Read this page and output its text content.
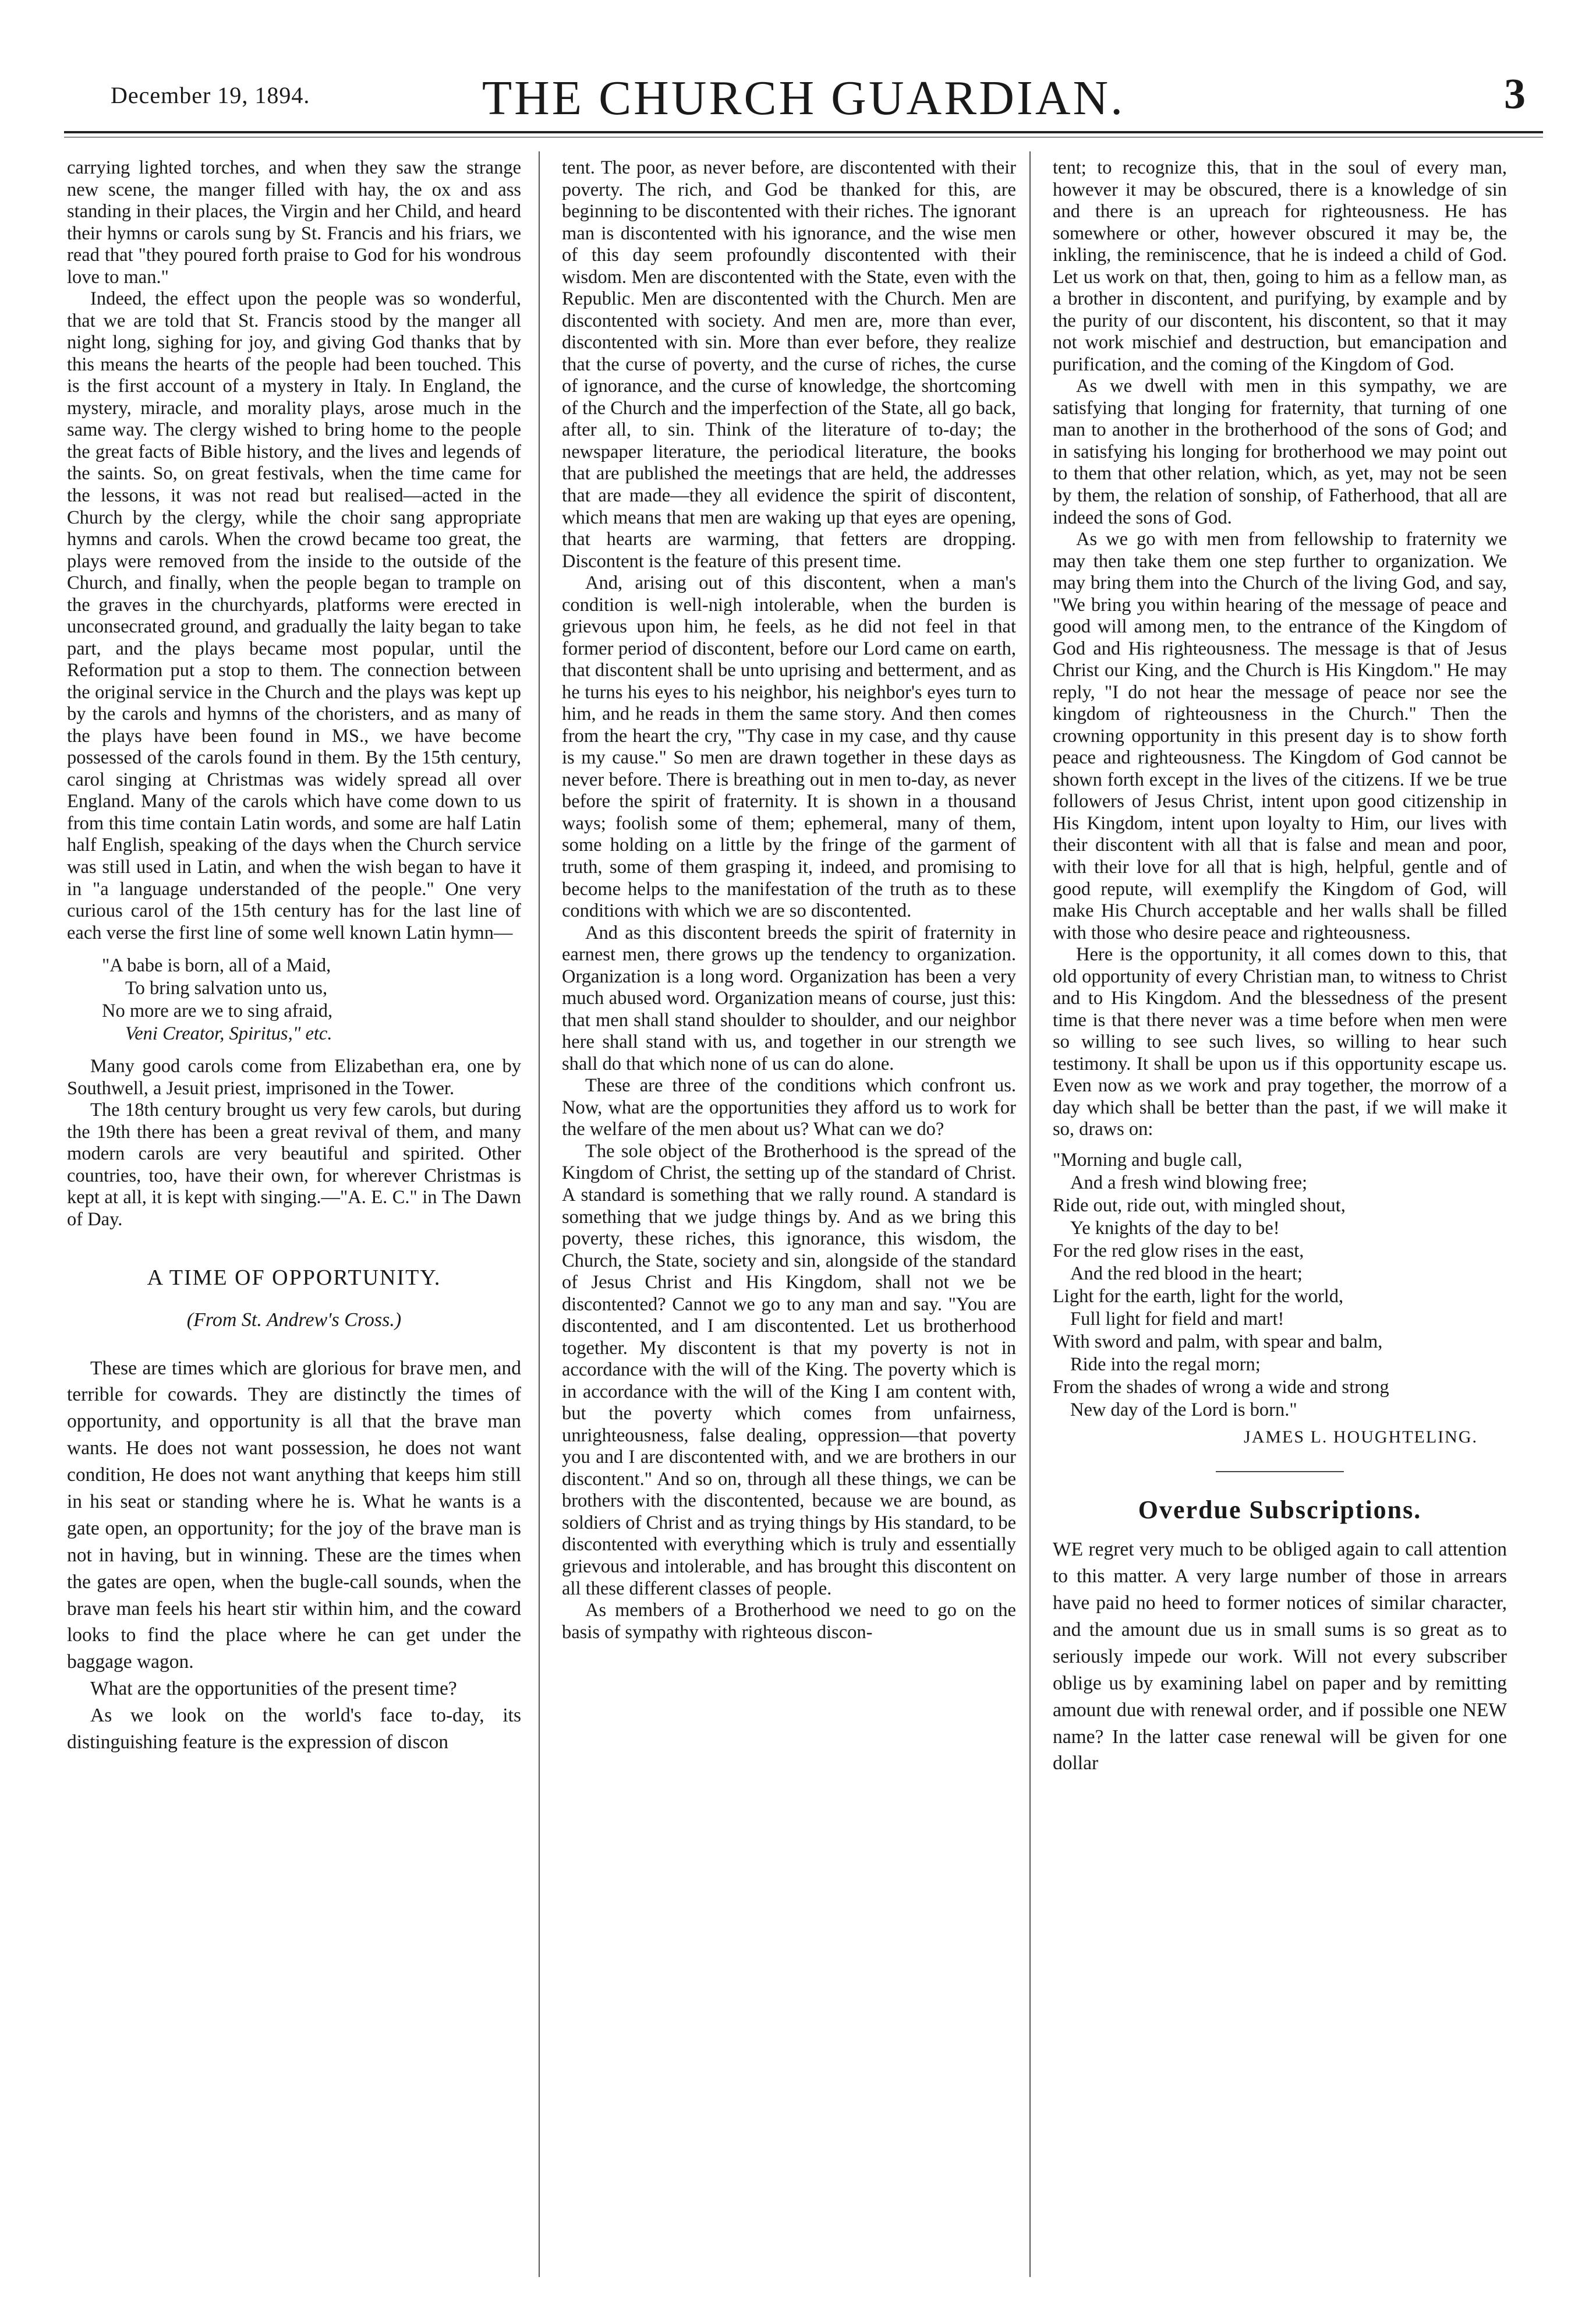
December 19, 1894.	THE CHURCH GUARDIAN.	3

carrying lighted torches, and when they saw the strange new scene, the manger filled with hay, the ox and ass standing in their places, the Virgin and her Child, and heard their hymns or carols sung by St. Francis and his friars, we read that "they poured forth praise to God for his wondrous love to man."

Indeed, the effect upon the people was so wonderful, that we are told that St. Francis stood by the manger all night long, sighing for joy, and giving God thanks that by this means the hearts of the people had been touched. This is the first account of a mystery in Italy. In England, the mystery, miracle, and morality plays, arose much in the same way. The clergy wished to bring home to the people the great facts of Bible history, and the lives and legends of the saints. So, on great festivals, when the time came for the lessons, it was not read but realised—acted in the Church by the clergy, while the choir sang appropriate hymns and carols. When the crowd became too great, the plays were removed from the inside to the outside of the Church, and finally, when the people began to trample on the graves in the churchyards, platforms were erected in unconsecrated ground, and gradually the laity began to take part, and the plays became most popular, until the Reformation put a stop to them. The connection between the original service in the Church and the plays was kept up by the carols and hymns of the choristers, and as many of the plays have been found in MS., we have become possessed of the carols found in them. By the 15th century, carol singing at Christmas was widely spread all over England. Many of the carols which have come down to us from this time contain Latin words, and some are half Latin half English, speaking of the days when the Church service was still used in Latin, and when the wish began to have it in "a language understanded of the people." One very curious carol of the 15th century has for the last line of each verse the first line of some well known Latin hymn—

"A babe is born, all of a Maid,
To bring salvation unto us,
No more are we to sing afraid,
Veni Creator, Spiritus," etc.

Many good carols come from Elizabethan era, one by Southwell, a Jesuit priest, imprisoned in the Tower.

The 18th century brought us very few carols, but during the 19th there has been a great revival of them, and many modern carols are very beautiful and spirited. Other countries, too, have their own, for wherever Christmas is kept at all, it is kept with singing.—"A. E. C." in The Dawn of Day.

A TIME OF OPPORTUNITY.
(From St. Andrew's Cross.)

These are times which are glorious for brave men, and terrible for cowards. They are distinctly the times of opportunity, and opportunity is all that the brave man wants. He does not want possession, he does not want condition, He does not want anything that keeps him still in his seat or standing where he is. What he wants is a gate open, an opportunity; for the joy of the brave man is not in having, but in winning. These are the times when the gates are open, when the bugle-call sounds, when the brave man feels his heart stir within him, and the coward looks to find the place where he can get under the baggage wagon.

What are the opportunities of the present time?

As we look on the world's face to-day, its distinguishing feature is the expression of discon

tent. The poor, as never before, are discontented with their poverty. The rich, and God be thanked for this, are beginning to be discontented with their riches. The ignorant man is discontented with his ignorance, and the wise men of this day seem profoundly discontented with their wisdom. Men are discontented with the State, even with the Republic. Men are discontented with the Church. Men are discontented with society. And men are, more than ever, discontented with sin. More than ever before, they realize that the curse of poverty, and the curse of riches, the curse of ignorance, and the curse of knowledge, the shortcoming of the Church and the imperfection of the State, all go back, after all, to sin. Think of the literature of to-day; the newspaper literature, the periodical literature, the books that are published the meetings that are held, the addresses that are made—they all evidence the spirit of discontent, which means that men are waking up that eyes are opening, that hearts are warming, that fetters are dropping. Discontent is the feature of this present time.

And, arising out of this discontent, when a man's condition is well-nigh intolerable, when the burden is grievous upon him, he feels, as he did not feel in that former period of discontent, before our Lord came on earth, that discontent shall be unto uprising and betterment, and as he turns his eyes to his neighbor, his neighbor's eyes turn to him, and he reads in them the same story. And then comes from the heart the cry, "Thy case in my case, and thy cause is my cause." So men are drawn together in these days as never before. There is breathing out in men to-day, as never before the spirit of fraternity. It is shown in a thousand ways; foolish some of them; ephemeral, many of them, some holding on a little by the fringe of the garment of truth, some of them grasping it, indeed, and promising to become helps to the manifestation of the truth as to these conditions with which we are so discontented.

And as this discontent breeds the spirit of fraternity in earnest men, there grows up the tendency to organization. Organization is a long word. Organization has been a very much abused word. Organization means of course, just this: that men shall stand shoulder to shoulder, and our neighbor here shall stand with us, and together in our strength we shall do that which none of us can do alone.

These are three of the conditions which confront us. Now, what are the opportunities they afford us to work for the welfare of the men about us? What can we do?

The sole object of the Brotherhood is the spread of the Kingdom of Christ, the setting up of the standard of Christ. A standard is something that we rally round. A standard is something that we judge things by. And as we bring this poverty, these riches, this ignorance, this wisdom, the Church, the State, society and sin, alongside of the standard of Jesus Christ and His Kingdom, shall not we be discontented? Cannot we go to any man and say. "You are discontented, and I am discontented. Let us brotherhood together. My discontent is that my poverty is not in accordance with the will of the King. The poverty which is in accordance with the will of the King I am content with, but the poverty which comes from unfairness, unrighteousness, false dealing, oppression—that poverty you and I are discontented with, and we are brothers in our discontent." And so on, through all these things, we can be brothers with the discontented, because we are bound, as soldiers of Christ and as trying things by His standard, to be discontented with everything which is truly and essentially grievous and intolerable, and has brought this discontent on all these different classes of people.

As members of a Brotherhood we need to go on the basis of sympathy with righteous discon-

tent; to recognize this, that in the soul of every man, however it may be obscured, there is a knowledge of sin and there is an upreach for righteousness. He has somewhere or other, however obscured it may be, the inkling, the reminiscence, that he is indeed a child of God. Let us work on that, then, going to him as a fellow man, as a brother in discontent, and purifying, by example and by the purity of our discontent, his discontent, so that it may not work mischief and destruction, but emancipation and purification, and the coming of the Kingdom of God.

As we dwell with men in this sympathy, we are satisfying that longing for fraternity, that turning of one man to another in the brotherhood of the sons of God; and in satisfying his longing for brotherhood we may point out to them that other relation, which, as yet, may not be seen by them, the relation of sonship, of Fatherhood, that all are indeed the sons of God.

As we go with men from fellowship to fraternity we may then take them one step further to organization. We may bring them into the Church of the living God, and say, "We bring you within hearing of the message of peace and good will among men, to the entrance of the Kingdom of God and His righteousness. The message is that of Jesus Christ our King, and the Church is His Kingdom." He may reply, "I do not hear the message of peace nor see the kingdom of righteousness in the Church." Then the crowning opportunity in this present day is to show forth peace and righteousness. The Kingdom of God cannot be shown forth except in the lives of the citizens. If we be true followers of Jesus Christ, intent upon good citizenship in His Kingdom, intent upon loyalty to Him, our lives with their discontent with all that is false and mean and poor, with their love for all that is high, helpful, gentle and of good repute, will exemplify the Kingdom of God, will make His Church acceptable and her walls shall be filled with those who desire peace and righteousness.

Here is the opportunity, it all comes down to this, that old opportunity of every Christian man, to witness to Christ and to His Kingdom. And the blessedness of the present time is that there never was a time before when men were so willing to see such lives, so willing to hear such testimony. It shall be upon us if this opportunity escape us. Even now as we work and pray together, the morrow of a day which shall be better than the past, if we will make it so, draws on:

"Morning and bugle call,
And a fresh wind blowing free;
Ride out, ride out, with mingled shout,
Ye knights of the day to be!
For the red glow rises in the east,
And the red blood in the heart;
Light for the earth, light for the world,
Full light for field and mart!
With sword and palm, with spear and balm,
Ride into the regal morn;
From the shades of wrong a wide and strong
New day of the Lord is born."
JAMES L. HOUGHTELING.
Overdue Subscriptions.

WE regret very much to be obliged again to call attention to this matter. A very large number of those in arrears have paid no heed to former notices of similar character, and the amount due us in small sums is so great as to seriously impede our work. Will not every subscriber oblige us by examining label on paper and by remitting amount due with renewal order, and if possible one NEW name? In the latter case renewal will be given for one dollar
